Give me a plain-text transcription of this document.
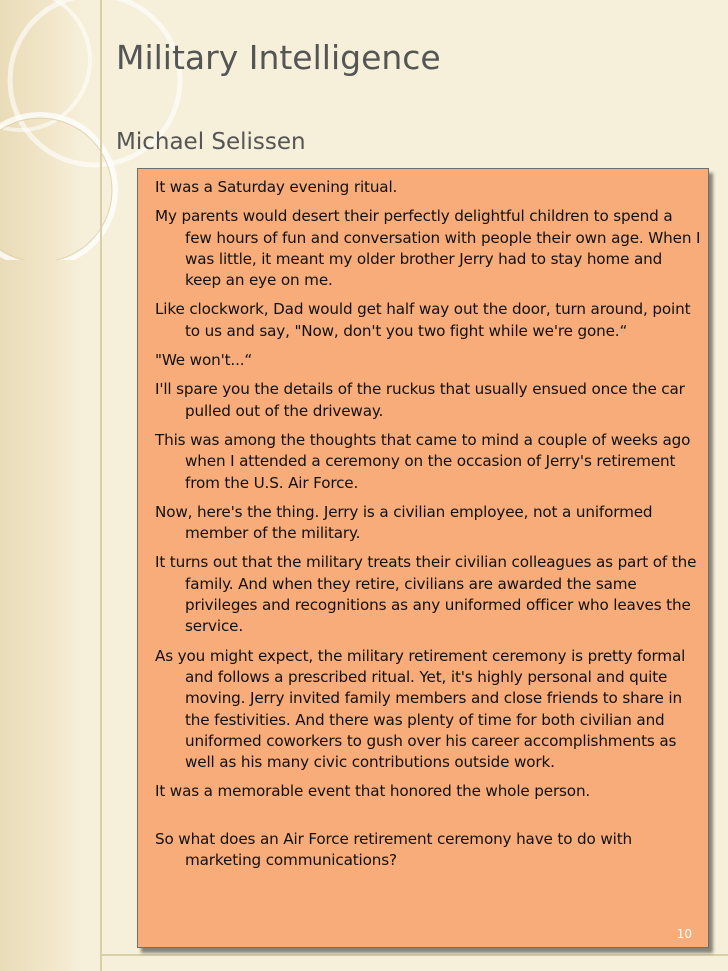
Military Intelligence
Michael Selissen

It was a Saturday evening ritual.

My parents would desert their perfectly delightful children to spend a few hours of fun and conversation with people their own age. When I was little, it meant my older brother Jerry had to stay home and keep an eye on me.

Like clockwork, Dad would get half way out the door, turn around, point to us and say, "Now, don't you two fight while we're gone.“

"We won't...“

I'll spare you the details of the ruckus that usually ensued once the car pulled out of the driveway.

This was among the thoughts that came to mind a couple of weeks ago when I attended a ceremony on the occasion of Jerry's retirement from the U.S. Air Force.

Now, here's the thing. Jerry is a civilian employee, not a uniformed member of the military.

It turns out that the military treats their civilian colleagues as part of the family. And when they retire, civilians are awarded the same privileges and recognitions as any uniformed officer who leaves the service.

As you might expect, the military retirement ceremony is pretty formal and follows a prescribed ritual. Yet, it's highly personal and quite moving. Jerry invited family members and close friends to share in the festivities. And there was plenty of time for both civilian and uniformed coworkers to gush over his career accomplishments as well as his many civic contributions outside work.

It was a memorable event that honored the whole person.

So what does an Air Force retirement ceremony have to do with marketing communications?

10
